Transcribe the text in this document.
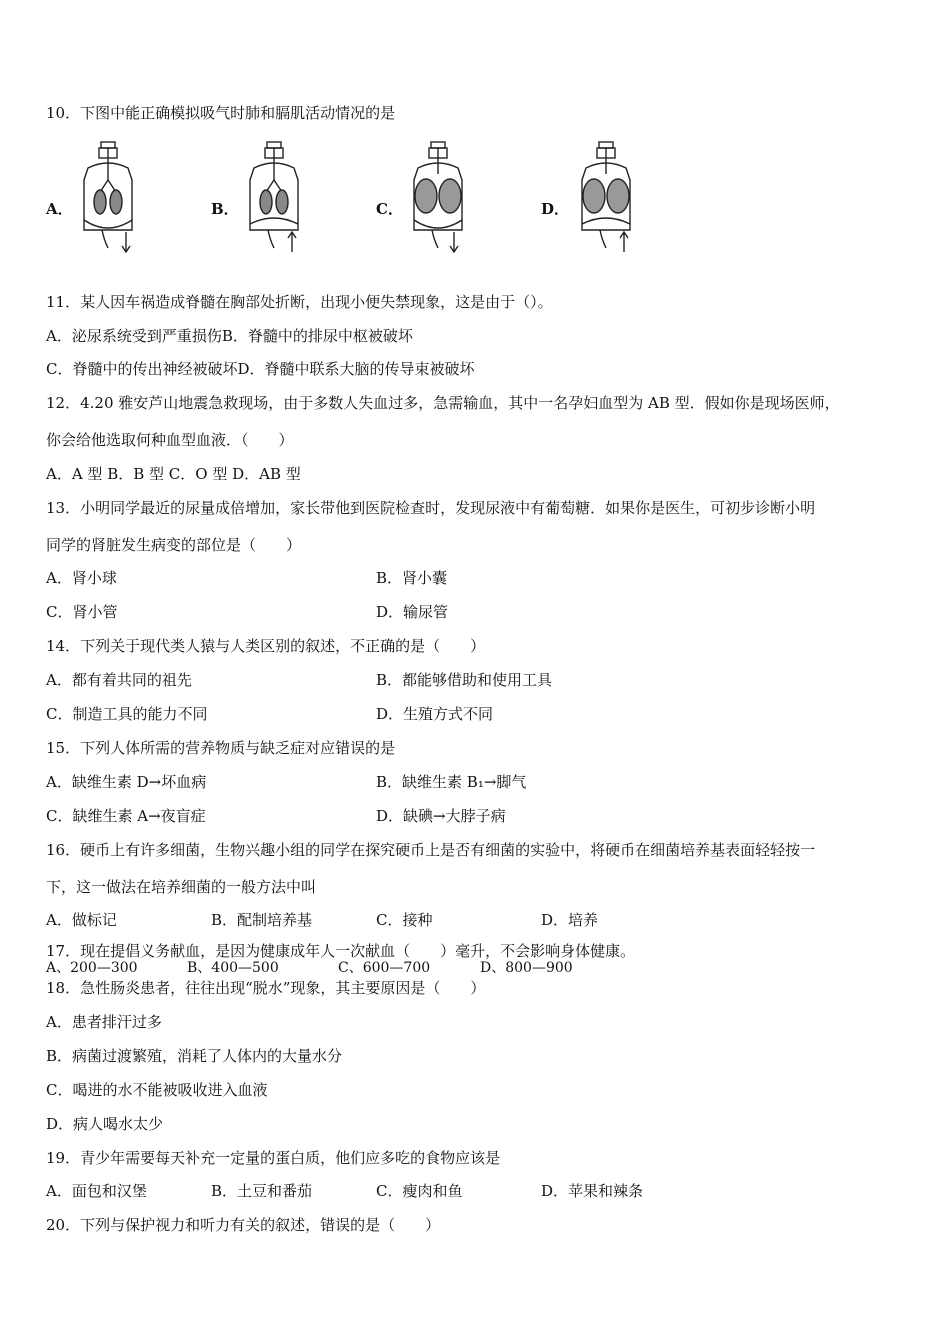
10．下图中能正确模拟吸气时肺和膈肌活动情况的是
A．	B．	C．	D．
11．某人因车祸造成脊髓在胸部处折断，出现小便失禁现象，这是由于（）。
A．泌尿系统受到严重损伤B．脊髓中的排尿中枢被破坏
C．脊髓中的传出神经被破坏D．脊髓中联系大脑的传导束被破坏
12．4.20 雅安芦山地震急救现场，由于多数人失血过多，急需输血，其中一名孕妇血型为 AB 型．假如你是现场医师，
你会给他选取何种血型血液．（　　）
A．A 型 B．B 型 C．O 型 D．AB 型
13．小明同学最近的尿量成倍增加，家长带他到医院检查时，发现尿液中有葡萄糖．如果你是医生，可初步诊断小明
同学的肾脏发生病变的部位是（　　）
A．肾小球	B．肾小囊
C．肾小管	D．输尿管
14．下列关于现代类人猿与人类区别的叙述，不正确的是（　　）
A．都有着共同的祖先	B．都能够借助和使用工具
C．制造工具的能力不同	D．生殖方式不同
15．下列人体所需的营养物质与缺乏症对应错误的是
A．缺维生素 D→坏血病	B．缺维生素 B₁→脚气
C．缺维生素 A→夜盲症	D．缺碘→大脖子病
16．硬币上有许多细菌，生物兴趣小组的同学在探究硬币上是否有细菌的实验中，将硬币在细菌培养基表面轻轻按一
下，这一做法在培养细菌的一般方法中叫
A．做标记	B．配制培养基	C．接种	D．培养
17．现在提倡义务献血，是因为健康成年人一次献血（　　）毫升，不会影响身体健康。
A、200—300	B、400—500	C、600—700	D、800—900
18．急性肠炎患者，往往出现“脱水”现象，其主要原因是（　　）
A．患者排汗过多
B．病菌过渡繁殖，消耗了人体内的大量水分
C．喝进的水不能被吸收进入血液
D．病人喝水太少
19．青少年需要每天补充一定量的蛋白质，他们应多吃的食物应该是
A．面包和汉堡	B．土豆和番茄	C．瘦肉和鱼	D．苹果和辣条
20．下列与保护视力和听力有关的叙述，错误的是（　　）
